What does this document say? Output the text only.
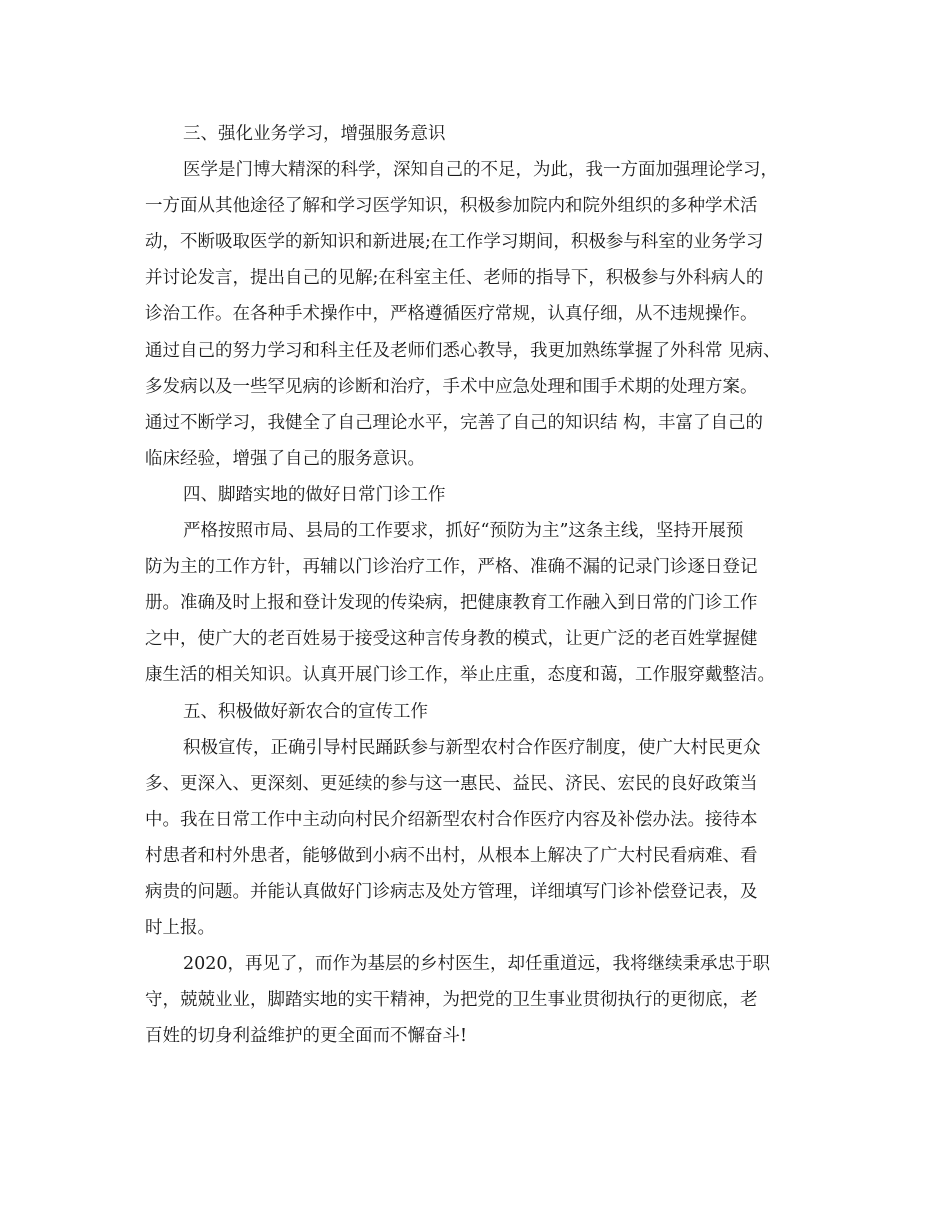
三、强化业务学习，增强服务意识
医学是门博大精深的科学，深知自己的不足，为此，我一方面加强理论学习，
一方面从其他途径了解和学习医学知识，积极参加院内和院外组织的多种学术活
动，不断吸取医学的新知识和新进展;在工作学习期间，积极参与科室的业务学习
并讨论发言，提出自己的见解;在科室主任、老师的指导下，积极参与外科病人的
诊治工作。在各种手术操作中，严格遵循医疗常规，认真仔细，从不违规操作。
通过自己的努力学习和科主任及老师们悉心教导，我更加熟练掌握了外科常 见病、
多发病以及一些罕见病的诊断和治疗，手术中应急处理和围手术期的处理方案。
通过不断学习，我健全了自己理论水平，完善了自己的知识结 构，丰富了自己的
临床经验，增强了自己的服务意识。
四、脚踏实地的做好日常门诊工作
严格按照市局、县局的工作要求，抓好“预防为主”这条主线，坚持开展预
防为主的工作方针，再辅以门诊治疗工作，严格、准确不漏的记录门诊逐日登记
册。准确及时上报和登计发现的传染病，把健康教育工作融入到日常的门诊工作
之中，使广大的老百姓易于接受这种言传身教的模式，让更广泛的老百姓掌握健
康生活的相关知识。认真开展门诊工作，举止庄重，态度和蔼，工作服穿戴整洁。
五、积极做好新农合的宣传工作
积极宣传，正确引导村民踊跃参与新型农村合作医疗制度，使广大村民更众
多、更深入、更深刻、更延续的参与这一惠民、益民、济民、宏民的良好政策当
中。我在日常工作中主动向村民介绍新型农村合作医疗内容及补偿办法。接待本
村患者和村外患者，能够做到小病不出村，从根本上解决了广大村民看病难、看
病贵的问题。并能认真做好门诊病志及处方管理，详细填写门诊补偿登记表，及
时上报。
2020，再见了，而作为基层的乡村医生，却任重道远，我将继续秉承忠于职
守，兢兢业业，脚踏实地的实干精神，为把党的卫生事业贯彻执行的更彻底，老
百姓的切身利益维护的更全面而不懈奋斗!
